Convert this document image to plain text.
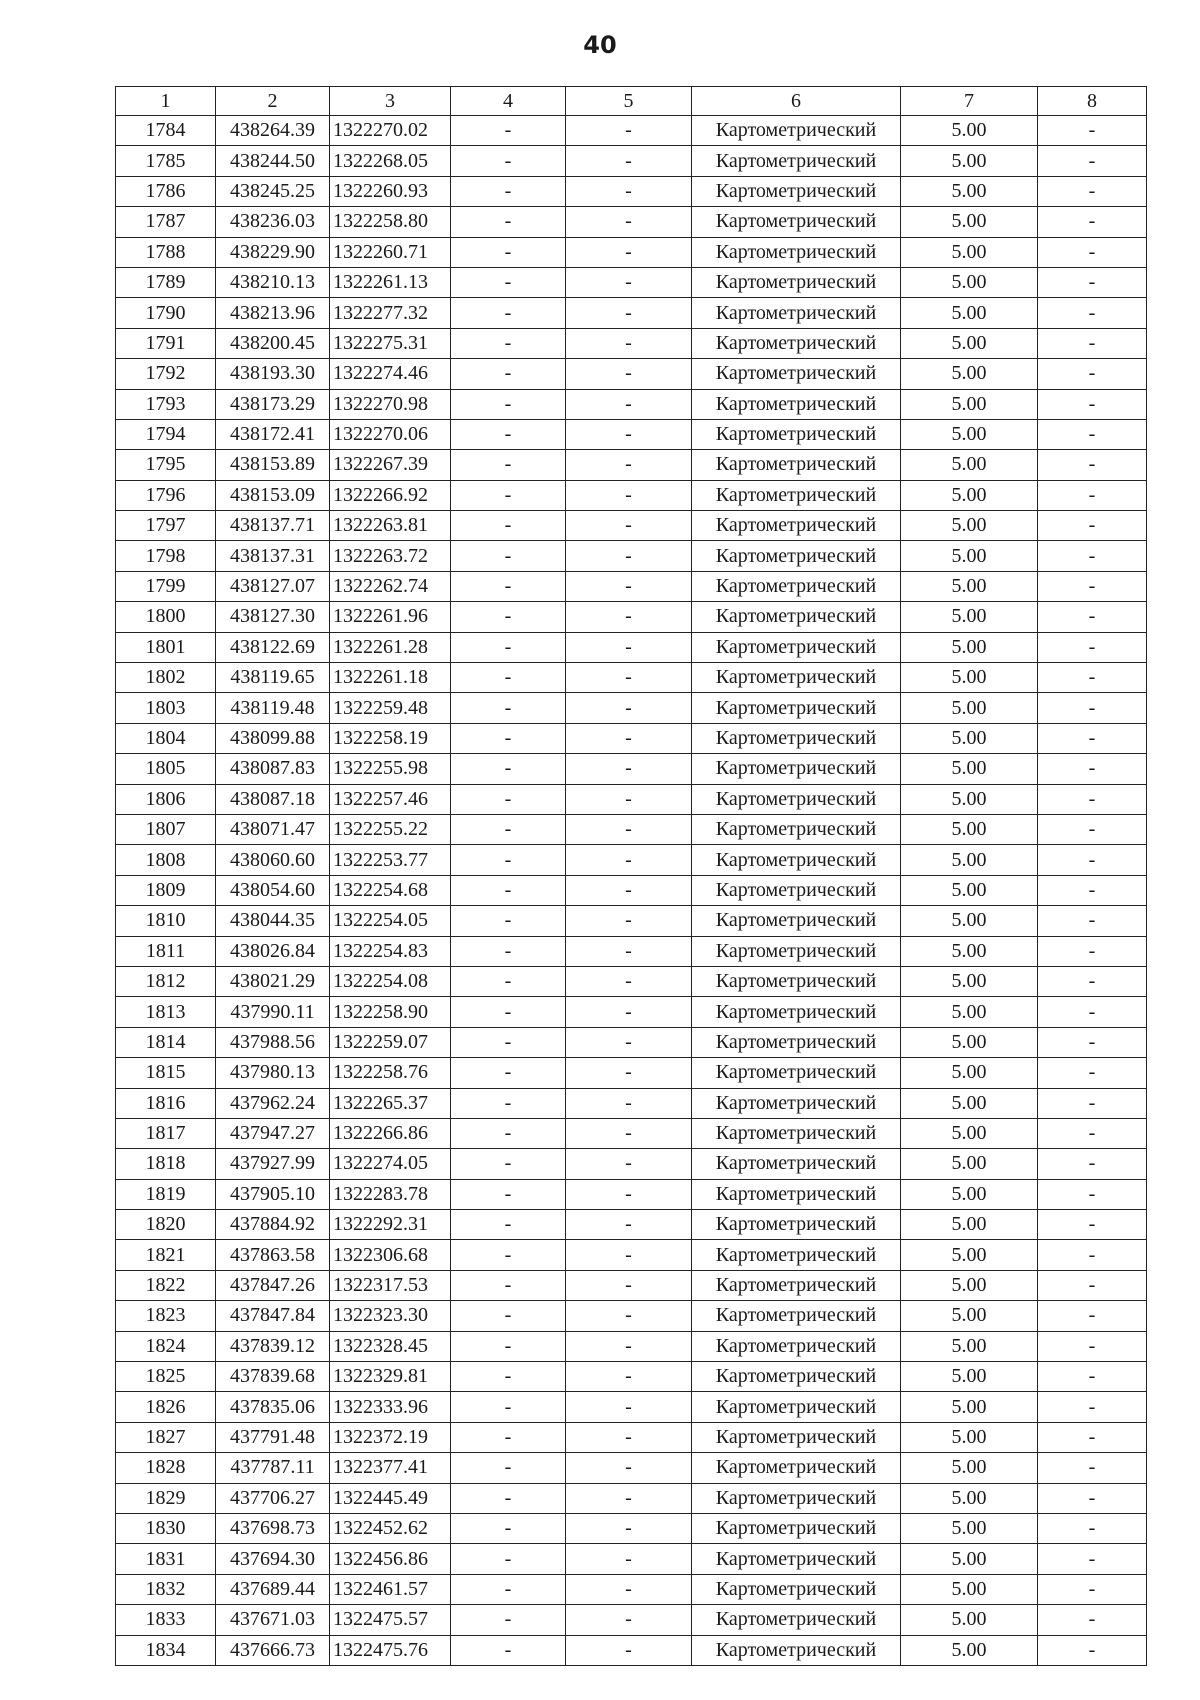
40
1	2	3	4	5	6	7	8
1784	438264.39	1322270.02	-	-	Картометрический	5.00	-
1785	438244.50	1322268.05	-	-	Картометрический	5.00	-
1786	438245.25	1322260.93	-	-	Картометрический	5.00	-
1787	438236.03	1322258.80	-	-	Картометрический	5.00	-
1788	438229.90	1322260.71	-	-	Картометрический	5.00	-
1789	438210.13	1322261.13	-	-	Картометрический	5.00	-
1790	438213.96	1322277.32	-	-	Картометрический	5.00	-
1791	438200.45	1322275.31	-	-	Картометрический	5.00	-
1792	438193.30	1322274.46	-	-	Картометрический	5.00	-
1793	438173.29	1322270.98	-	-	Картометрический	5.00	-
1794	438172.41	1322270.06	-	-	Картометрический	5.00	-
1795	438153.89	1322267.39	-	-	Картометрический	5.00	-
1796	438153.09	1322266.92	-	-	Картометрический	5.00	-
1797	438137.71	1322263.81	-	-	Картометрический	5.00	-
1798	438137.31	1322263.72	-	-	Картометрический	5.00	-
1799	438127.07	1322262.74	-	-	Картометрический	5.00	-
1800	438127.30	1322261.96	-	-	Картометрический	5.00	-
1801	438122.69	1322261.28	-	-	Картометрический	5.00	-
1802	438119.65	1322261.18	-	-	Картометрический	5.00	-
1803	438119.48	1322259.48	-	-	Картометрический	5.00	-
1804	438099.88	1322258.19	-	-	Картометрический	5.00	-
1805	438087.83	1322255.98	-	-	Картометрический	5.00	-
1806	438087.18	1322257.46	-	-	Картометрический	5.00	-
1807	438071.47	1322255.22	-	-	Картометрический	5.00	-
1808	438060.60	1322253.77	-	-	Картометрический	5.00	-
1809	438054.60	1322254.68	-	-	Картометрический	5.00	-
1810	438044.35	1322254.05	-	-	Картометрический	5.00	-
1811	438026.84	1322254.83	-	-	Картометрический	5.00	-
1812	438021.29	1322254.08	-	-	Картометрический	5.00	-
1813	437990.11	1322258.90	-	-	Картометрический	5.00	-
1814	437988.56	1322259.07	-	-	Картометрический	5.00	-
1815	437980.13	1322258.76	-	-	Картометрический	5.00	-
1816	437962.24	1322265.37	-	-	Картометрический	5.00	-
1817	437947.27	1322266.86	-	-	Картометрический	5.00	-
1818	437927.99	1322274.05	-	-	Картометрический	5.00	-
1819	437905.10	1322283.78	-	-	Картометрический	5.00	-
1820	437884.92	1322292.31	-	-	Картометрический	5.00	-
1821	437863.58	1322306.68	-	-	Картометрический	5.00	-
1822	437847.26	1322317.53	-	-	Картометрический	5.00	-
1823	437847.84	1322323.30	-	-	Картометрический	5.00	-
1824	437839.12	1322328.45	-	-	Картометрический	5.00	-
1825	437839.68	1322329.81	-	-	Картометрический	5.00	-
1826	437835.06	1322333.96	-	-	Картометрический	5.00	-
1827	437791.48	1322372.19	-	-	Картометрический	5.00	-
1828	437787.11	1322377.41	-	-	Картометрический	5.00	-
1829	437706.27	1322445.49	-	-	Картометрический	5.00	-
1830	437698.73	1322452.62	-	-	Картометрический	5.00	-
1831	437694.30	1322456.86	-	-	Картометрический	5.00	-
1832	437689.44	1322461.57	-	-	Картометрический	5.00	-
1833	437671.03	1322475.57	-	-	Картометрический	5.00	-
1834	437666.73	1322475.76	-	-	Картометрический	5.00	-
